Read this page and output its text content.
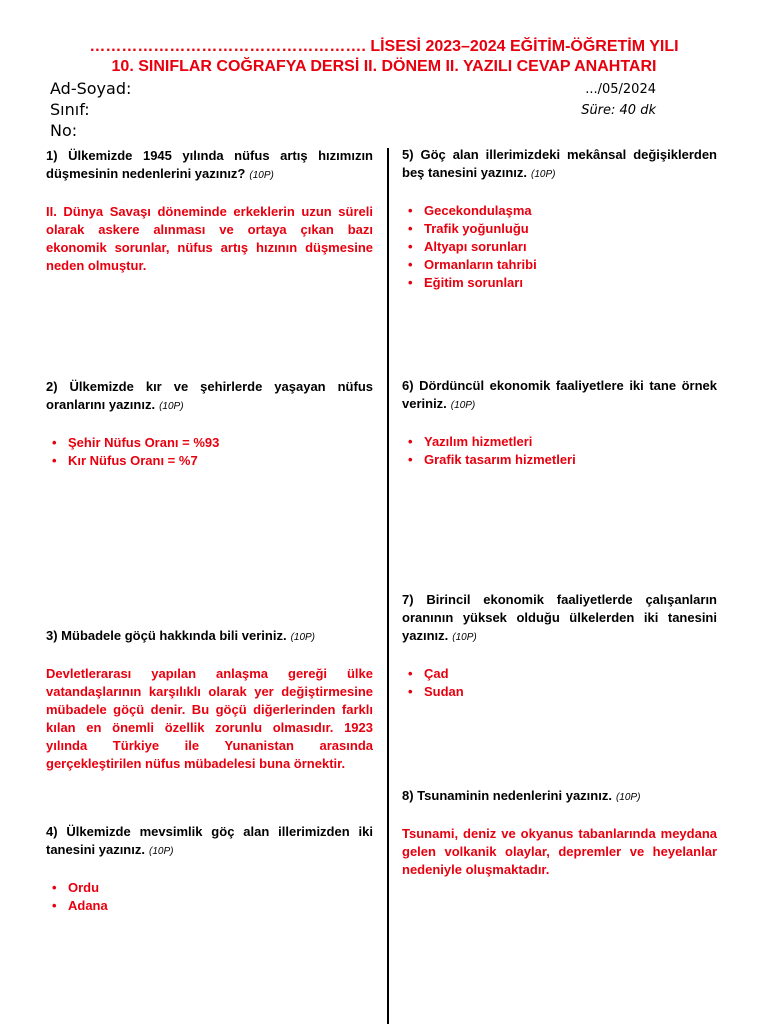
……………………………………………. LİSESİ 2023–2024 EĞİTİM-ÖĞRETİM YILI
10. SINIFLAR COĞRAFYA DERSİ II. DÖNEM II. YAZILI CEVAP ANAHTARI
Ad-Soyad:
Sınıf:
No:
.../05/2024
Süre: 40 dk

1) Ülkemizde 1945 yılında nüfus artış hızımızın düşmesinin nedenlerini yazınız? (10P)

II. Dünya Savaşı döneminde erkeklerin uzun süreli olarak askere alınması ve ortaya çıkan bazı ekonomik sorunlar, nüfus artış hızının düşmesine neden olmuştur.

2) Ülkemizde kır ve şehirlerde yaşayan nüfus oranlarını yazınız. (10P)

• Şehir Nüfus Oranı = %93
• Kır Nüfus Oranı = %7

3) Mübadele göçü hakkında bili veriniz. (10P)

Devletlerarası yapılan anlaşma gereği ülke vatandaşlarının karşılıklı olarak yer değiştirmesine mübadele göçü denir. Bu göçü diğerlerinden farklı kılan en önemli özellik zorunlu olmasıdır. 1923 yılında Türkiye ile Yunanistan arasında gerçekleştirilen nüfus mübadelesi buna örnektir.

4) Ülkemizde mevsimlik göç alan illerimizden iki tanesini yazınız. (10P)

• Ordu
• Adana

5) Göç alan illerimizdeki mekânsal değişiklerden beş tanesini yazınız. (10P)

• Gecekondulaşma
• Trafik yoğunluğu
• Altyapı sorunları
• Ormanların tahribi
• Eğitim sorunları

6) Dördüncül ekonomik faaliyetlere iki tane örnek veriniz. (10P)

• Yazılım hizmetleri
• Grafik tasarım hizmetleri

7) Birincil ekonomik faaliyetlerde çalışanların oranının yüksek olduğu ülkelerden iki tanesini yazınız. (10P)

• Çad
• Sudan

8) Tsunaminin nedenlerini yazınız. (10P)

Tsunami, deniz ve okyanus tabanlarında meydana gelen volkanik olaylar, depremler ve heyelanlar nedeniyle oluşmaktadır.
